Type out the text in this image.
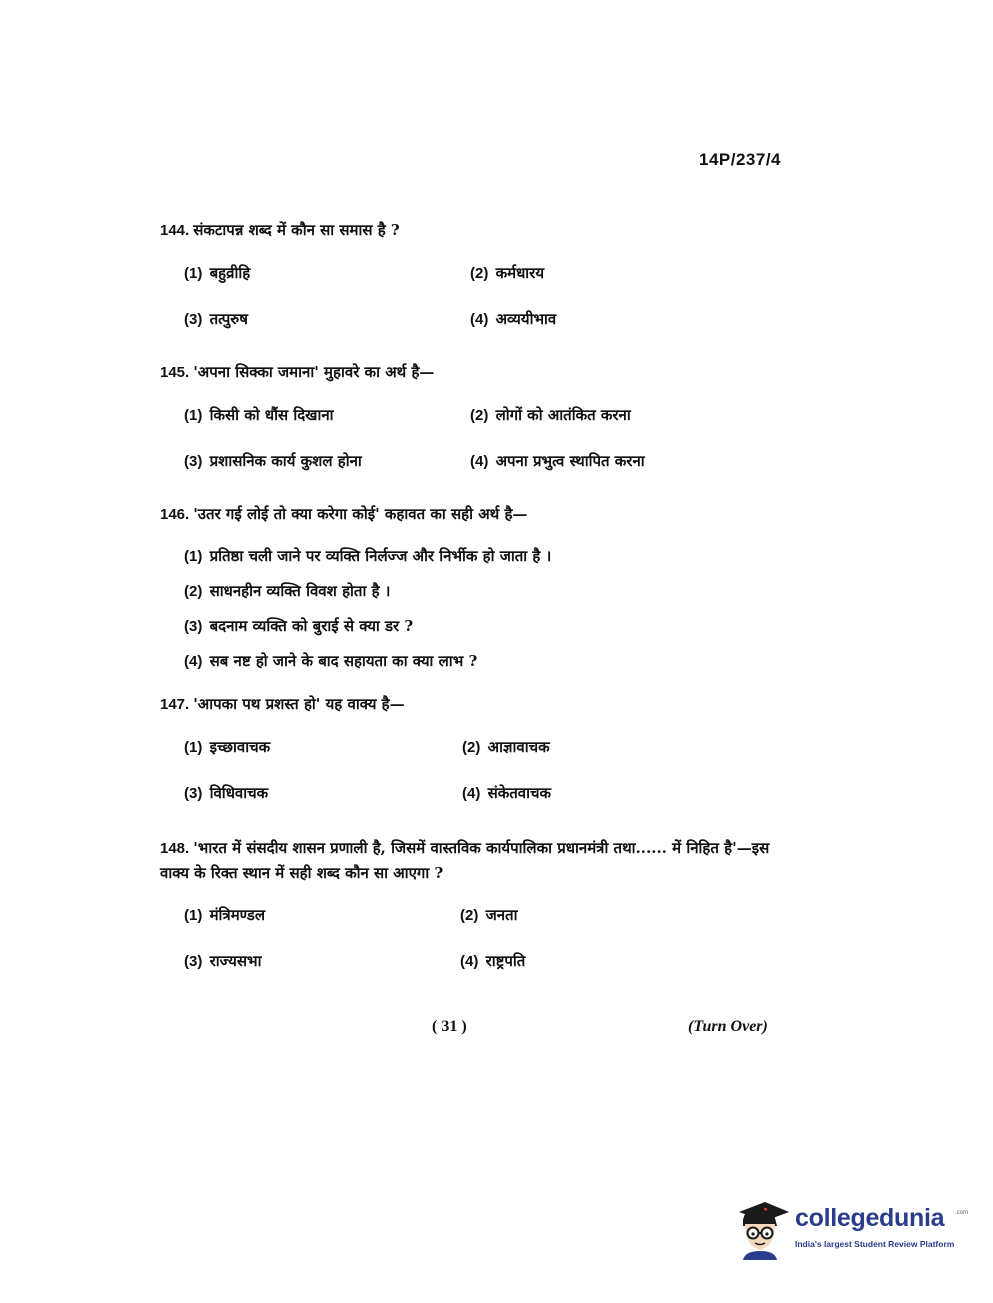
14P/237/4
144. संकटापन्न शब्द में कौन सा समास है ?
(1) बहुव्रीहि	(2) कर्मधारय
(3) तत्पुरुष	(4) अव्ययीभाव
145. 'अपना सिक्का जमाना' मुहावरे का अर्थ है—
(1) किसी को धौंस दिखाना	(2) लोगों को आतंकित करना
(3) प्रशासनिक कार्य कुशल होना	(4) अपना प्रभुत्व स्थापित करना
146. 'उतर गई लोई तो क्या करेगा कोई' कहावत का सही अर्थ है—
(1) प्रतिष्ठा चली जाने पर व्यक्ति निर्लज्ज और निर्भीक हो जाता है ।
(2) साधनहीन व्यक्ति विवश होता है ।
(3) बदनाम व्यक्ति को बुराई से क्या डर ?
(4) सब नष्ट हो जाने के बाद सहायता का क्या लाभ ?
147. 'आपका पथ प्रशस्त हो' यह वाक्य है—
(1) इच्छावाचक	(2) आज्ञावाचक
(3) विधिवाचक	(4) संकेतवाचक
148. 'भारत में संसदीय शासन प्रणाली है, जिसमें वास्तविक कार्यपालिका प्रधानमंत्री तथा...... में निहित है'—इस वाक्य के रिक्त स्थान में सही शब्द कौन सा आएगा ?
(1) मंत्रिमण्डल	(2) जनता
(3) राज्यसभा	(4) राष्ट्रपति
( 31 )	(Turn Over)
collegedunia .com
India's largest Student Review Platform
